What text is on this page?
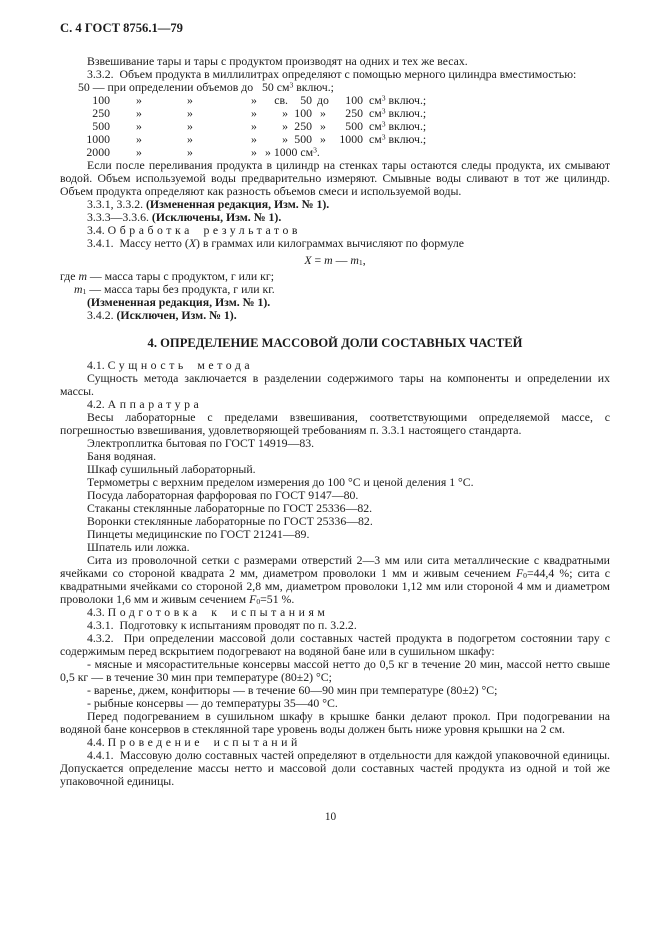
С. 4 ГОСТ 8756.1—79
Взвешивание тары и тары с продуктом производят на одних и тех же весах.
3.3.2.  Объем продукта в миллилитрах определяют с помощью мерного цилиндра вместимостью:
50 — при определении объемов до   50 $см^3$ включ.;
100	»	»	»	св.	50 до	100 $см^3$ включ.;
250	»	»	»	» 100 »	250 $см^3$ включ.;
500	»	»	»	» 250 »	500 $см^3$ включ.;
1000	»	»	»	» 500 »	1000 $см^3$ включ.;
2000	»	»	» » 1000 $см^3$.
Если после переливания продукта в цилиндр на стенках тары остаются следы продукта, их смывают водой. Объем используемой воды предварительно измеряют. Смывные воды сливают в тот же цилиндр. Объем продукта определяют как разность объемов смеси и используемой воды.
3.3.1, 3.3.2. (Измененная редакция, Изм. № 1).
3.3.3—3.3.6. (Исключены, Изм. № 1).
3.4. Обработка результатов
3.4.1.  Массу нетто (X) в граммах или килограммах вычисляют по формуле
X = m — $m_1$,
где m — масса тары с продуктом, г или кг;
$m_1$ — масса тары без продукта, г или кг.
(Измененная редакция, Изм. № 1).
3.4.2. (Исключен, Изм. № 1).
4. ОПРЕДЕЛЕНИЕ МАССОВОЙ ДОЛИ СОСТАВНЫХ ЧАСТЕЙ
4.1. Сущность метода
Сущность метода заключается в разделении содержимого тары на компоненты и определении их массы.
4.2. Аппаратура
Весы лабораторные с пределами взвешивания, соответствующими определяемой массе, с погрешностью взвешивания, удовлетворяющей требованиям п. 3.3.1 настоящего стандарта.
Электроплитка бытовая по ГОСТ 14919—83.
Баня водяная.
Шкаф сушильный лабораторный.
Термометры с верхним пределом измерения до 100 °С и ценой деления 1 °С.
Посуда лабораторная фарфоровая по ГОСТ 9147—80.
Стаканы стеклянные лабораторные по ГОСТ 25336—82.
Воронки стеклянные лабораторные по ГОСТ 25336—82.
Пинцеты медицинские по ГОСТ 21241—89.
Шпатель или ложка.
Сита из проволочной сетки с размерами отверстий 2—3 мм или сита металлические с квадратными ячейками со стороной квадрата 2 мм, диаметром проволоки 1 мм и живым сечением $F_0=44,4$ %; сита с квадратными ячейками со стороной 2,8 мм, диаметром проволоки 1,12 мм или стороной 4 мм и диаметром проволоки 1,6 мм и живым сечением $F_0=51$ %.
4.3. Подготовка к испытаниям
4.3.1.  Подготовку к испытаниям проводят по п. 3.2.2.
4.3.2.  При определении массовой доли составных частей продукта в подогретом состоянии тару с содержимым перед вскрытием подогревают на водяной бане или в сушильном шкафу:
- мясные и мясорастительные консервы массой нетто до 0,5 кг в течение 20 мин, массой нетто свыше 0,5 кг — в течение 30 мин при температуре (80±2) °С;
- варенье, джем, конфитюры — в течение 60—90 мин при температуре (80±2) °С;
- рыбные консервы — до температуры 35—40 °С.
Перед подогреванием в сушильном шкафу в крышке банки делают прокол. При подогревании на водяной бане консервов в стеклянной таре уровень воды должен быть ниже уровня крышки на 2 см.
4.4. Проведение испытаний
4.4.1.  Массовую долю составных частей определяют в отдельности для каждой упаковочной единицы. Допускается определение массы нетто и массовой доли составных частей продукта из одной и той же упаковочной единицы.
10
